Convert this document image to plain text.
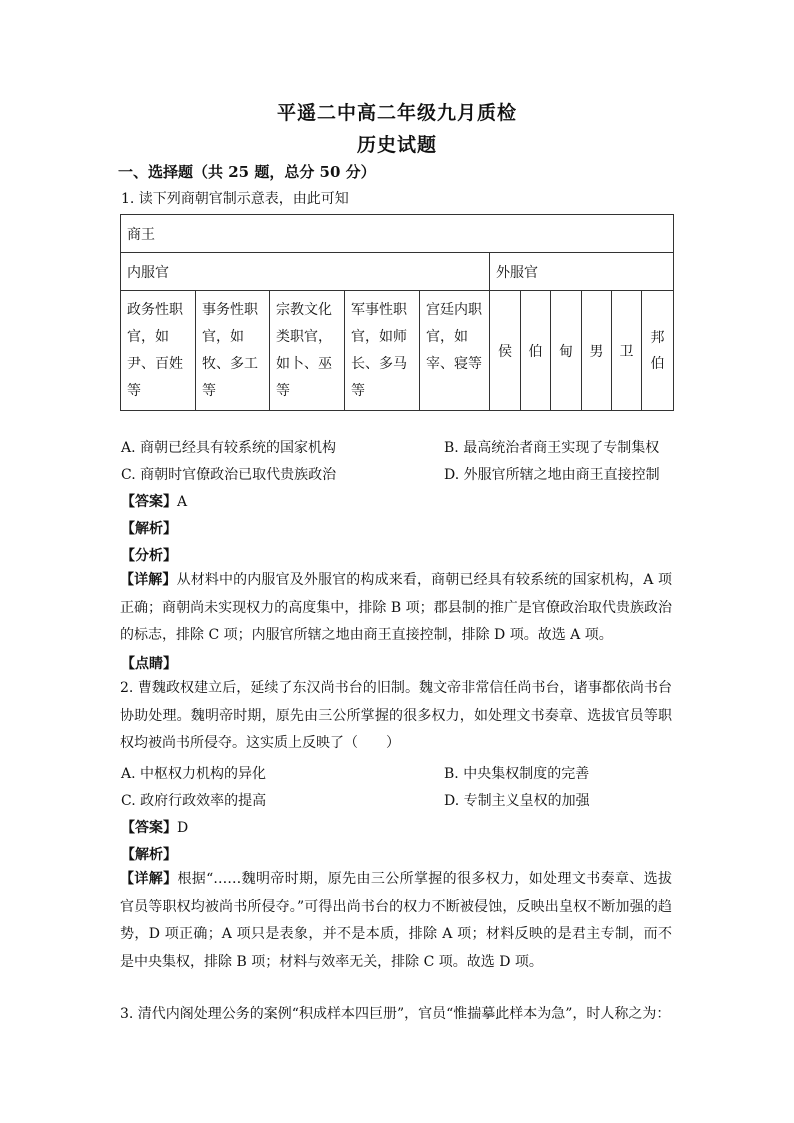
平遥二中高二年级九月质检
历史试题
一、选择题（共 25 题，总分 50 分）
1. 读下列商朝官制示意表，由此可知
商王										
内服官					外服官					
政务性职官，如尹、百姓等	事务性职官，如牧、多工等	宗教文化类职官，如卜、巫等	军事性职官，如师长、多马等	宫廷内职官，如宰、寝等	侯	伯	甸	男	卫	邦伯
A. 商朝已经具有较系统的国家机构	B. 最高统治者商王实现了专制集权
C. 商朝时官僚政治已取代贵族政治	D. 外服官所辖之地由商王直接控制
【答案】A
【解析】
【分析】
【详解】从材料中的内服官及外服官的构成来看，商朝已经具有较系统的国家机构，A 项正确；商朝尚未实现权力的高度集中，排除 B 项；郡县制的推广是官僚政治取代贵族政治的标志，排除 C 项；内服官所辖之地由商王直接控制，排除 D 项。故选 A 项。
【点睛】
2. 曹魏政权建立后，延续了东汉尚书台的旧制。魏文帝非常信任尚书台，诸事都依尚书台协助处理。魏明帝时期，原先由三公所掌握的很多权力，如处理文书奏章、选拔官员等职权均被尚书所侵夺。这实质上反映了（　　）
A. 中枢权力机构的异化	B. 中央集权制度的完善
C. 政府行政效率的提高	D. 专制主义皇权的加强
【答案】D
【解析】
【详解】根据“……魏明帝时期，原先由三公所掌握的很多权力，如处理文书奏章、选拔官员等职权均被尚书所侵夺。”可得出尚书台的权力不断被侵蚀，反映出皇权不断加强的趋势，D 项正确；A 项只是表象，并不是本质，排除 A 项；材料反映的是君主专制，而不是中央集权，排除 B 项；材料与效率无关，排除 C 项。故选 D 项。
3. 清代内阁处理公务的案例“积成样本四巨册”，官员“惟揣摹此样本为急”，时人称之为：
